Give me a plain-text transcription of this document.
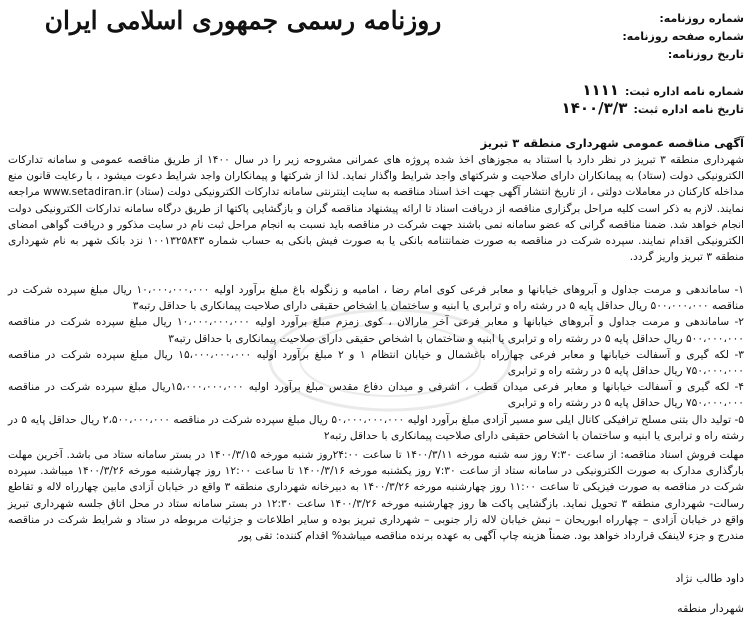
روزنامه رسمی جمهوری اسلامی ایران	شماره روزنامه:
شماره صفحه روزنامه:
تاریخ روزنامه:
شماره نامه اداره ثبت:
۱۱۱۱
تاریخ نامه اداره ثبت:
۱۴۰۰/۳/۳
آگهی مناقصه عمومی شهرداری منطقه ۳ تبریز
شهرداری منطقه ۳ تبریز در نظر دارد با استناد به مجوزهای اخذ شده پروژه های عمرانی مشروحه زیر را در سال ۱۴۰۰ از طریق مناقصه عمومی و سامانه تدارکات الکترونیکی دولت (ستاد) به پیمانکاران دارای صلاحیت و شرکتهای واجد شرایط واگذار نماید. لذا از شرکتها و پیمانکاران واجد شرایط دعوت میشود ، با رعایت قانون منع مداخله کارکنان در معاملات دولتی ، از تاریخ انتشار آگهی جهت اخذ اسناد مناقصه به سایت اینترنتی سامانه تدارکات الکترونیکی دولت (ستاد) www.setadiran.ir مراجعه نمایند. لازم به ذکر است کلیه مراحل برگزاری مناقصه از دریافت اسناد تا ارائه پیشنهاد مناقصه گران و بازگشایی پاکتها از طریق درگاه سامانه تدارکات الکترونیکی دولت انجام خواهد شد. ضمنا مناقصه گرانی که عضو سامانه نمی باشند جهت شرکت در مناقصه باید نسبت به انجام مراحل ثبت نام در سایت مذکور و دریافت گواهی امضای الکترونیکی اقدام نمایند. سپرده شرکت در مناقصه به صورت ضمانتنامه بانکی یا به صورت فیش بانکی به حساب شماره ۱۰۰۱۳۲۵۸۴۳ نزد بانک شهر به نام شهرداری منطقه ۳ تبریز واریز گردد.
۱- ساماندهی و مرمت جداول و آبروهای خیابانها و معابر فرعی کوی امام رضا ، امامیه و زنگوله باغ مبلغ برآورد اولیه ۱۰،۰۰۰،۰۰۰،۰۰۰ ریال مبلغ سپرده شرکت در مناقصه ۵۰۰،۰۰۰،۰۰۰ ریال حداقل پایه ۵ در رشته راه و ترابری یا ابنیه و ساختمان با اشخاص حقیقی دارای صلاحیت پیمانکاری با حداقل رتبه۳
۲- ساماندهی و مرمت جداول و آبروهای خیابانها و معابر فرعی آخر مارالان ، کوی زمزم مبلغ برآورد اولیه ۱۰،۰۰۰،۰۰۰،۰۰۰ ریال مبلغ سپرده شرکت در مناقصه ۵۰۰،۰۰۰،۰۰۰ ریال حداقل پایه ۵ در رشته راه و ترابری یا ابنیه و ساختمان با اشخاص حقیقی دارای صلاحیت پیمانکاری با حداقل رتبه۳
۳- لکه گیری و آسفالت خیابانها و معابر فرعی چهارراه باغشمال و خیابان انتظام ۱ و ۲ مبلغ برآورد اولیه ۱۵،۰۰۰،۰۰۰،۰۰۰ ریال مبلغ سپرده شرکت در مناقصه ۷۵۰،۰۰۰،۰۰۰ ریال حداقل پایه ۵ در رشته راه و ترابری
۴- لکه گیری و آسفالت خیابانها و معابر فرعی میدان قطب ، اشرفی و میدان دفاع مقدس مبلغ برآورد اولیه ۱۵،۰۰۰،۰۰۰،۰۰۰ریال مبلغ سپرده شرکت در مناقصه ۷۵۰،۰۰۰،۰۰۰ ریال حداقل پایه ۵ در رشته راه و ترابری
۵- تولید دال بتنی مسلح ترافیکی کانال ایلی سو مسیر آزادی مبلغ برآورد اولیه ۵۰،۰۰۰،۰۰۰،۰۰۰ ریال مبلغ سپرده شرکت در مناقصه ۲،۵۰۰،۰۰۰،۰۰۰ ریال حداقل پایه ۵ در رشته راه و ترابری یا ابنیه و ساختمان با اشخاص حقیقی دارای صلاحیت پیمانکاری با حداقل رتبه۲
مهلت فروش اسناد مناقصه: از ساعت ۷:۳۰ روز سه شنبه مورخه ۱۴۰۰/۳/۱۱ تا ساعت ۲۴:۰۰روز شنبه مورخه ۱۴۰۰/۳/۱۵ در بستر سامانه ستاد می باشد. آخرین مهلت بارگذاری مدارک به صورت الکترونیکی در سامانه ستاد از ساعت ۷:۳۰ روز یکشنبه مورخه ۱۴۰۰/۳/۱۶ تا ساعت ۱۲:۰۰ روز چهارشنبه مورخه ۱۴۰۰/۳/۲۶ میباشد. سپرده شرکت در مناقصه به صورت فیزیکی تا ساعت ۱۱:۰۰ روز چهارشنبه مورخه ۱۴۰۰/۳/۲۶ به دبیرخانه شهرداری منطقه ۳ واقع در خیابان آزادی مابین چهارراه لاله و تقاطع رسالت- شهرداری منطقه ۳ تحویل نماید. بازگشایی پاکت ها روز چهارشنبه مورخه ۱۴۰۰/۳/۲۶ ساعت ۱۲:۳۰ در بستر سامانه ستاد در محل اتاق جلسه شهرداری تبریز واقع در خیابان آزادی – چهارراه ابوریحان – نبش خیابان لاله زار جنوبی – شهرداری تبریز بوده و سایر اطلاعات و جزئیات مربوطه در ستاد و شرایط شرکت در مناقصه مندرج و جزء لاینفک قرارداد خواهد بود. ضمناً هزینه چاپ آگهی به عهده برنده مناقصه میباشد% اقدام کننده: تقی پور
داود طالب نژاد
شهردار منطقه
